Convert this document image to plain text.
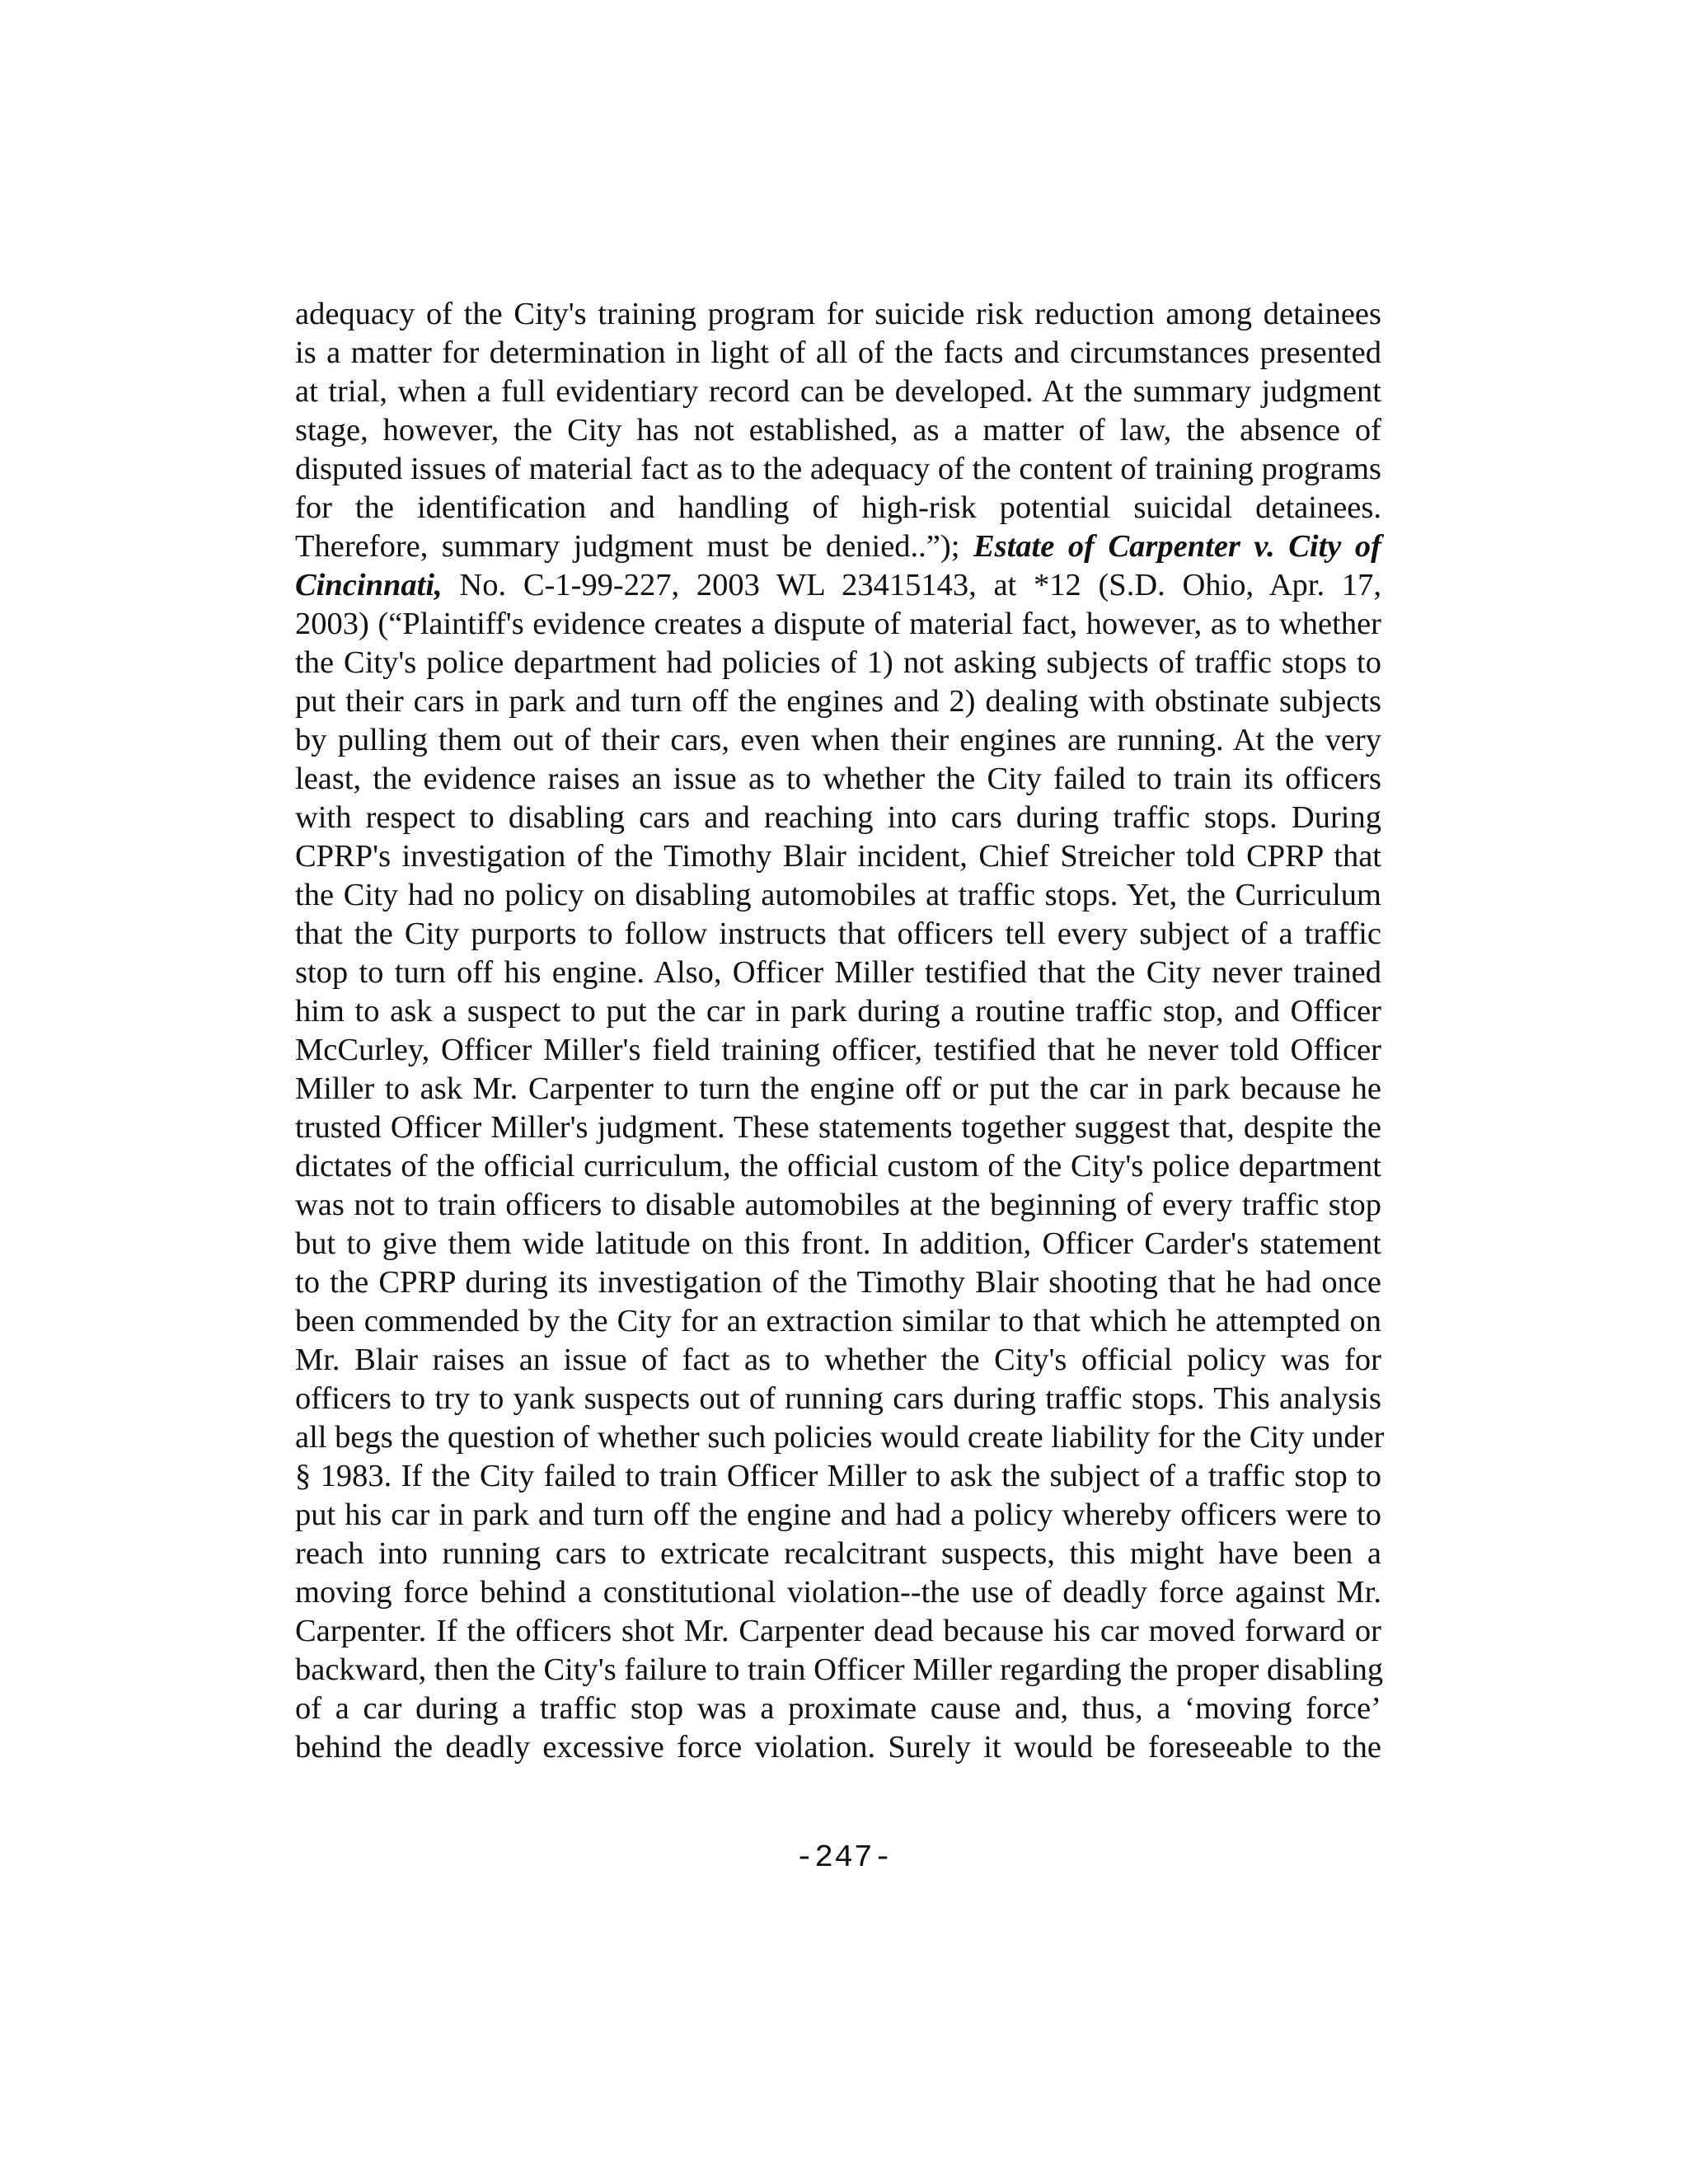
adequacy of the City's training program for suicide risk reduction among detainees
is a matter for determination in light of all of the facts and circumstances presented
at trial, when a full evidentiary record can be developed. At the summary judgment
stage, however, the City has not established, as a matter of law, the absence of
disputed issues of material fact as to the adequacy of the content of training programs
for the identification and handling of high-risk potential suicidal detainees.
Therefore, summary judgment must be denied..”); Estate of Carpenter v. City of
Cincinnati, No. C-1-99-227, 2003 WL 23415143, at *12 (S.D. Ohio, Apr. 17,
2003) (“Plaintiff's evidence creates a dispute of material fact, however, as to whether
the City's police department had policies of 1) not asking subjects of traffic stops to
put their cars in park and turn off the engines and 2) dealing with obstinate subjects
by pulling them out of their cars, even when their engines are running. At the very
least, the evidence raises an issue as to whether the City failed to train its officers
with respect to disabling cars and reaching into cars during traffic stops. During
CPRP's investigation of the Timothy Blair incident, Chief Streicher told CPRP that
the City had no policy on disabling automobiles at traffic stops. Yet, the Curriculum
that the City purports to follow instructs that officers tell every subject of a traffic
stop to turn off his engine. Also, Officer Miller testified that the City never trained
him to ask a suspect to put the car in park during a routine traffic stop, and Officer
McCurley, Officer Miller's field training officer, testified that he never told Officer
Miller to ask Mr. Carpenter to turn the engine off or put the car in park because he
trusted Officer Miller's judgment. These statements together suggest that, despite the
dictates of the official curriculum, the official custom of the City's police department
was not to train officers to disable automobiles at the beginning of every traffic stop
but to give them wide latitude on this front. In addition, Officer Carder's statement
to the CPRP during its investigation of the Timothy Blair shooting that he had once
been commended by the City for an extraction similar to that which he attempted on
Mr. Blair raises an issue of fact as to whether the City's official policy was for
officers to try to yank suspects out of running cars during traffic stops. This analysis
all begs the question of whether such policies would create liability for the City under
§ 1983. If the City failed to train Officer Miller to ask the subject of a traffic stop to
put his car in park and turn off the engine and had a policy whereby officers were to
reach into running cars to extricate recalcitrant suspects, this might have been a
moving force behind a constitutional violation--the use of deadly force against Mr.
Carpenter. If the officers shot Mr. Carpenter dead because his car moved forward or
backward, then the City's failure to train Officer Miller regarding the proper disabling
of a car during a traffic stop was a proximate cause and, thus, a ‘moving force’
behind the deadly excessive force violation. Surely it would be foreseeable to the
-247-
